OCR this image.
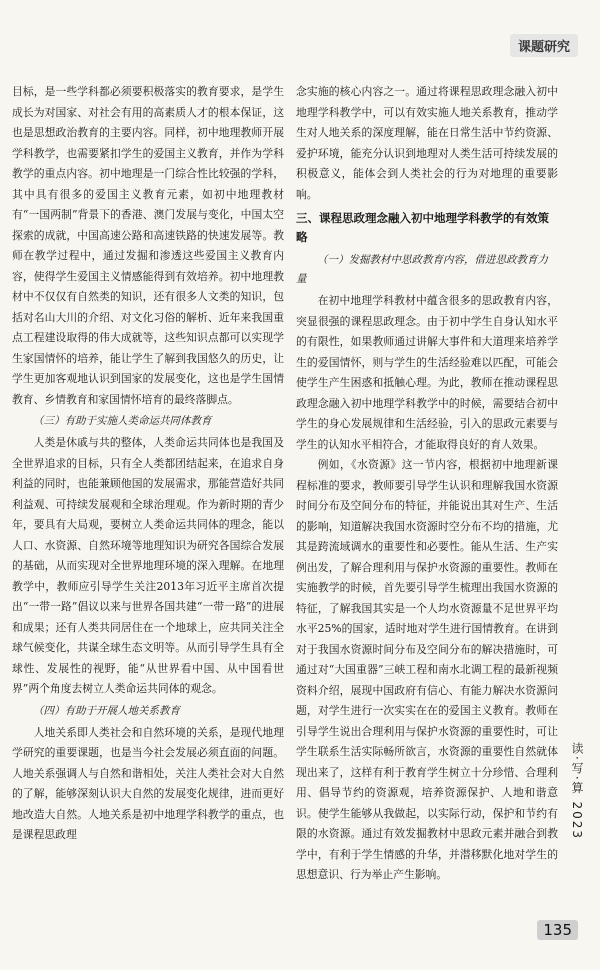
课题研究

目标，是一些学科都必须要积极落实的教育要求，是学生成长为对国家、对社会有用的高素质人才的根本保证，这也是思想政治教育的主要内容。同样，初中地理教师开展学科教学，也需要紧扣学生的爱国主义教育，并作为学科教学的重点内容。初中地理是一门综合性比较强的学科，其中具有很多的爱国主义教育元素，如初中地理教材有“一国两制”背景下的香港、澳门发展与变化，中国太空探索的成就，中国高速公路和高速铁路的快速发展等。教师在教学过程中，通过发掘和渗透这些爱国主义教育内容，使得学生爱国主义情感能得到有效培养。初中地理教材中不仅仅有自然类的知识，还有很多人文类的知识，包括对名山大川的介绍、对文化习俗的解析、近年来我国重点工程建设取得的伟大成就等，这些知识点都可以实现学生家国情怀的培养，能让学生了解到我国悠久的历史，让学生更加客观地认识到国家的发展变化，这也是学生国情教育、乡情教育和家国情怀培育的最终落脚点。

（三）有助于实施人类命运共同体教育

人类是休戚与共的整体，人类命运共同体也是我国及全世界追求的目标，只有全人类都团结起来，在追求自身利益的同时，也能兼顾他国的发展需求，那能营造好共同利益观、可持续发展观和全球治理观。作为新时期的青少年，要具有大局观，要树立人类命运共同体的理念，能以人口、水资源、自然环境等地理知识为研究各国综合发展的基础，从而实现对全世界地理环境的深入理解。在地理教学中，教师应引导学生关注2013年习近平主席首次提出“一带一路”倡议以来与世界各国共建“一带一路”的进展和成果；还有人类共同居住在一个地球上，应共同关注全球气候变化，共谋全球生态文明等。从而引导学生具有全球性、发展性的视野，能“从世界看中国、从中国看世界”两个角度去树立人类命运共同体的观念。

（四）有助于开展人地关系教育

人地关系即人类社会和自然环境的关系，是现代地理学研究的重要课题，也是当今社会发展必须直面的问题。人地关系强调人与自然和谐相处，关注人类社会对大自然的了解，能够深刻认识大自然的发展变化规律，进而更好地改造大自然。人地关系是初中地理学科教学的重点，也是课程思政理

念实施的核心内容之一。通过将课程思政理念融入初中地理学科教学中，可以有效实施人地关系教育，推动学生对人地关系的深度理解，能在日常生活中节约资源、爱护环境，能充分认识到地理对人类生活可持续发展的积极意义，能体会到人类社会的行为对地理的重要影响。

三、课程思政理念融入初中地理学科教学的有效策略
（一）发掘教材中思政教育内容，借进思政教育力量

在初中地理学科教材中蕴含很多的思政教育内容，突显很强的课程思政理念。由于初中学生自身认知水平的有限性，如果教师通过讲解大事件和大道理来培养学生的爱国情怀，则与学生的生活经验难以匹配，可能会使学生产生困惑和抵触心理。为此，教师在推动课程思政理念融入初中地理学科教学中的时候，需要结合初中学生的身心发展规律和生活经验，引入的思政元素要与学生的认知水平相符合，才能取得良好的育人效果。

例如，《水资源》这一节内容，根据初中地理新课程标准的要求，教师要引导学生认识和理解我国水资源时间分布及空间分布的特征，并能说出其对生产、生活的影响，知道解决我国水资源时空分布不均的措施，尤其是跨流域调水的重要性和必要性。能从生活、生产实例出发，了解合理利用与保护水资源的重要性。教师在实施教学的时候，首先要引导学生梳理出我国水资源的特征，了解我国其实是一个人均水资源量不足世界平均水平25%的国家，适时地对学生进行国情教育。在讲到对于我国水资源时间分布及空间分布的解决措施时，可通过对“大国重器”三峡工程和南水北调工程的最新视频资料介绍，展现中国政府有信心、有能力解决水资源问题，对学生进行一次实实在在的爱国主义教育。教师在引导学生说出合理利用与保护水资源的重要性时，可让学生联系生活实际畅所欲言，水资源的重要性自然就体现出来了，这样有利于教育学生树立十分珍惜、合理利用、倡导节约的资源观，培养资源保护、人地和谐意识。使学生能够从我做起，以实际行动，保护和节约有限的水资源。通过有效发掘教材中思政元素并融合到教学中，有利于学生情感的升华，并潜移默化地对学生的思想意识、行为举止产生影响。

读·写·算 2023
135
